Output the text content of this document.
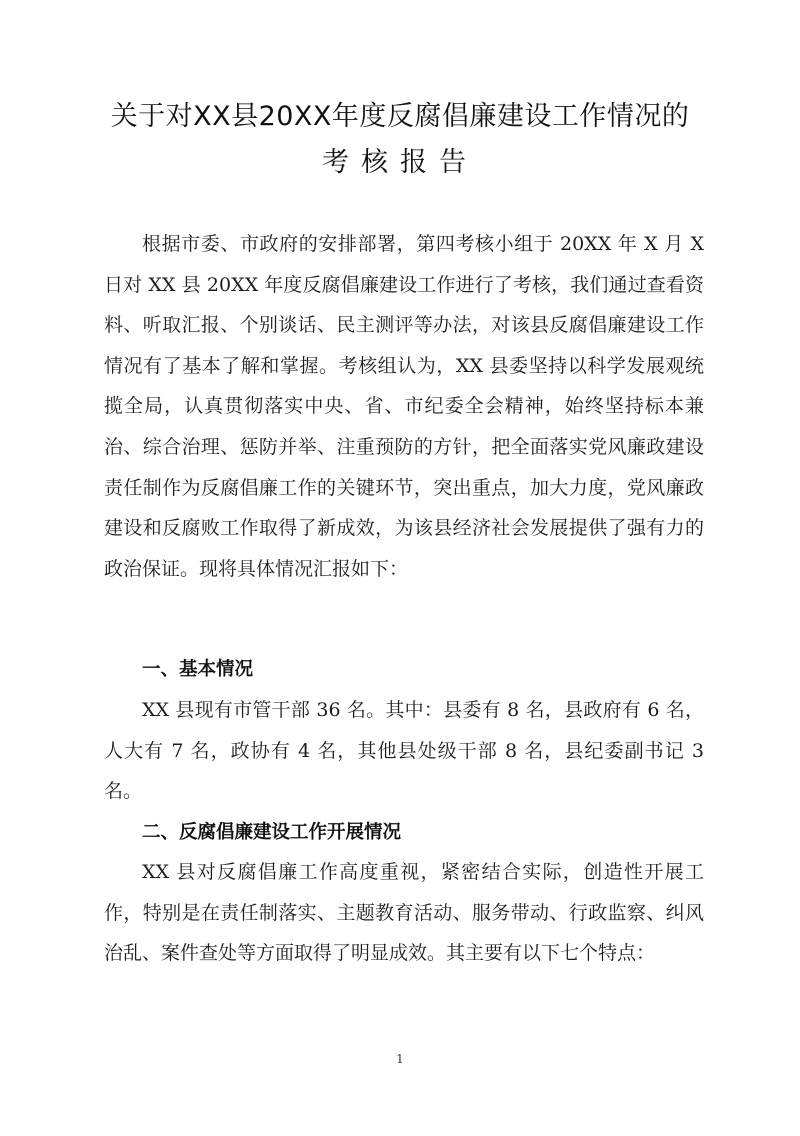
关于对XX县20XX年度反腐倡廉建设工作情况的
考核报告

根据市委、市政府的安排部署，第四考核小组于 20XX 年 X 月 X 日对 XX 县 20XX 年度反腐倡廉建设工作进行了考核，我们通过查看资料、听取汇报、个别谈话、民主测评等办法，对该县反腐倡廉建设工作情况有了基本了解和掌握。考核组认为，XX 县委坚持以科学发展观统揽全局，认真贯彻落实中央、省、市纪委全会精神，始终坚持标本兼治、综合治理、惩防并举、注重预防的方针，把全面落实党风廉政建设责任制作为反腐倡廉工作的关键环节，突出重点，加大力度，党风廉政建设和反腐败工作取得了新成效，为该县经济社会发展提供了强有力的政治保证。现将具体情况汇报如下：

一、基本情况

XX 县现有市管干部 36 名。其中：县委有 8 名，县政府有 6 名，人大有 7 名，政协有 4 名，其他县处级干部 8 名，县纪委副书记 3 名。

二、反腐倡廉建设工作开展情况

XX 县对反腐倡廉工作高度重视，紧密结合实际，创造性开展工作，特别是在责任制落实、主题教育活动、服务带动、行政监察、纠风治乱、案件查处等方面取得了明显成效。其主要有以下七个特点：

1
